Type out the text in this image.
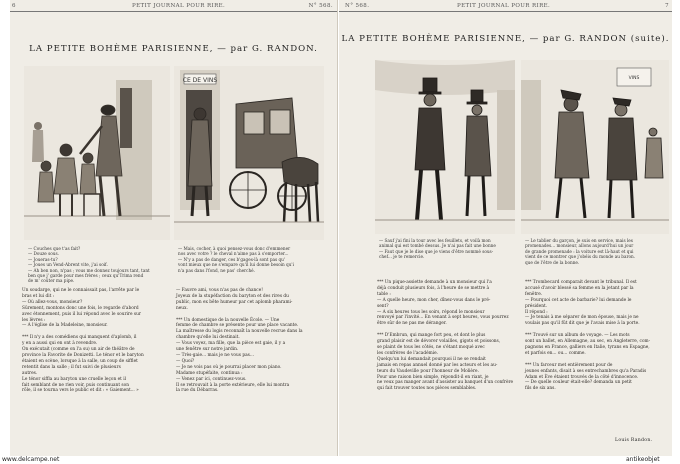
6	PETIT JOURNAL POUR RIRE.	N° 568.
LA PETITE BOHÈME PARISIENNE, — par G. RANDON.
CE DE VINS
— Couches que t'as fait?
— Douze sous.
— Joueras-tu?
— Joues un Vend-Abrent vite, j'ai soif.
— Ah ben non, n'pas ; vous me donnez toujours tant, tant
ben que j' garde pour mes frères ; ceux qu'Trima rend
de m' coûter ma pipe.
— Mais, cocher, à quoi pensez-vous donc d'emmener
nos avec votre ? le cheval n'aime pas à s'emporter...
— N'y a pas de danger, ces b'gages-là sont pas qu'
vont mieux que ne s'empare qu'il lui donne besoin qu'i
n'a pas dans l'fond, ne pas' cherché.
Un soudarge, qui ne le connaissait pas, l'arrête par le
bras et lui dit :
— Où allez-vous, monsieur?
Sûrement, montons donc une fois, le regarde d'abord
avec étonnement, puis il lui répond avec le sourire sur
les lèvres :
— A l'église de la Madeleine, monsieur.

*** Il n'y a des comédiens qui manquent d'aplomb, il
y en a aussi qui en ont à revendre.
On exécutait (comme on l'a su) un air de théâtre de
province la Favorite de Donizetti. Le ténor et le baryton
étaient en scène, lorsque à la salle, un coup de sifflet
retentit dans la salle ; il fut suivi de plusieurs
autres.
Le ténor siffla au baryton une cruelle leçon et il
fait semblant de ne rien voir, puis continuant son
rôle, il se tourna vers le public et dit : « Gaiement... »
— Fauvre ami, vous n'as pas de chance!
Joyeux de la stupéfaction du baryton et des rires du
public, mon ex bête humeur par cet aplomb pharami-
neux.

*** Un domestique de la nouvelle École. — Une
femme de chambre se présente pour une place vacante.
La maîtresse du logis reconnaît la nouvelle recrue dans la
chambre qu'elle lui destinait.
— Vous voyez, ma fille, que la pièce est gaie, il y a
une fenêtre sur notre jardin.
— Très-gaie... mais je ne vous pas...
— Quoi?
— Je ne vois pas où je pourrai placer mon piano.
Madame stupéfaite, continua :
— Venez par ici, continuez-vous.
Il se retrouvait à la porte extérieure, elle lui montra
la rue du Débarras.
N° 568.	PETIT JOURNAL POUR RIRE.	7
LA PETITE BOHÈME PARISIENNE, — par G. RANDON (suite).
VINS
— Sauf j'ai fini la tour avec les feuillets, et voilà mon
animal qui est tombé dessus. Je n'ai pas fait une bonne
— Faut que je le dise que je viens d'être nommé sous-
chef... je te remercie.
— Le tablier du garçon, je suis en service, mais les
promenades... monsieur, allons aujourd'hui un jour
de grande promenade : la voiture est là-haut et qui
vient de ce montrer que j'obéis du monde au baron.
que de l'être de la bonne.
*** Un pique-assiette demande à un monsieur qui l'a
déjà conduit plusieurs fois, à l'heure de se mettre à
table :
— A quelle heure, mon cher, dînez-vous dans le pré-
sent?
— A six heures tous les soirs, répond le monsieur
renvoyé par l'invité... En venant à sept heures, vous pourrez
être sûr de ne pas me déranger.

*** D'Embrun, qui mange fort peu, et dont le plus
grand plaisir est de dévorer volailles, gigots et poissons,
se plaint de tous les côtés, ne s'étant moqué avec
les confrères de l'académie.
Quelqu'un lui demandait pourquoi il ne se rendait
jamais en repas annuel donné par les acteurs et les au-
teurs du Vaudeville pour l'honneur de Molière.
Pour une raison bien simple, répondit-il en riant, je
ne veux pas manger avant d'assister au banquet d'un confrère
qui fait trouver toutes nos pièces semblables.
*** Trombecard comparait devant le tribunal. Il est
accusé d'avoir blessé sa femme en la jetant par la
fenêtre.
— Pourquoi cet acte de barbarie? lui demande le
président.
Il répond :
— Je tenais à me séparer de mon épouse, mais je ne
voulais pas qu'il fût dit que je l'avais mise à la porte.

*** Trouvé sur un album de voyage. — Les mots
sont un ballet, en Allemagne, au sec, en Angleterre, com-
pagnons en France, galliers en Italie, tyrans en Espagne,
et parfois en... ou... comme.

*** Un farceur met entièrement pour de
jeunes enfants, disait à ses entrechambres qu'a Paradis
Adam et Ève étaient trouvés de la côté d'innocence.
— De quelle couleur était-elle? demanda un petit
fils de six ans.
Louis Randon.
www.delcampe.net	antikeobjet
